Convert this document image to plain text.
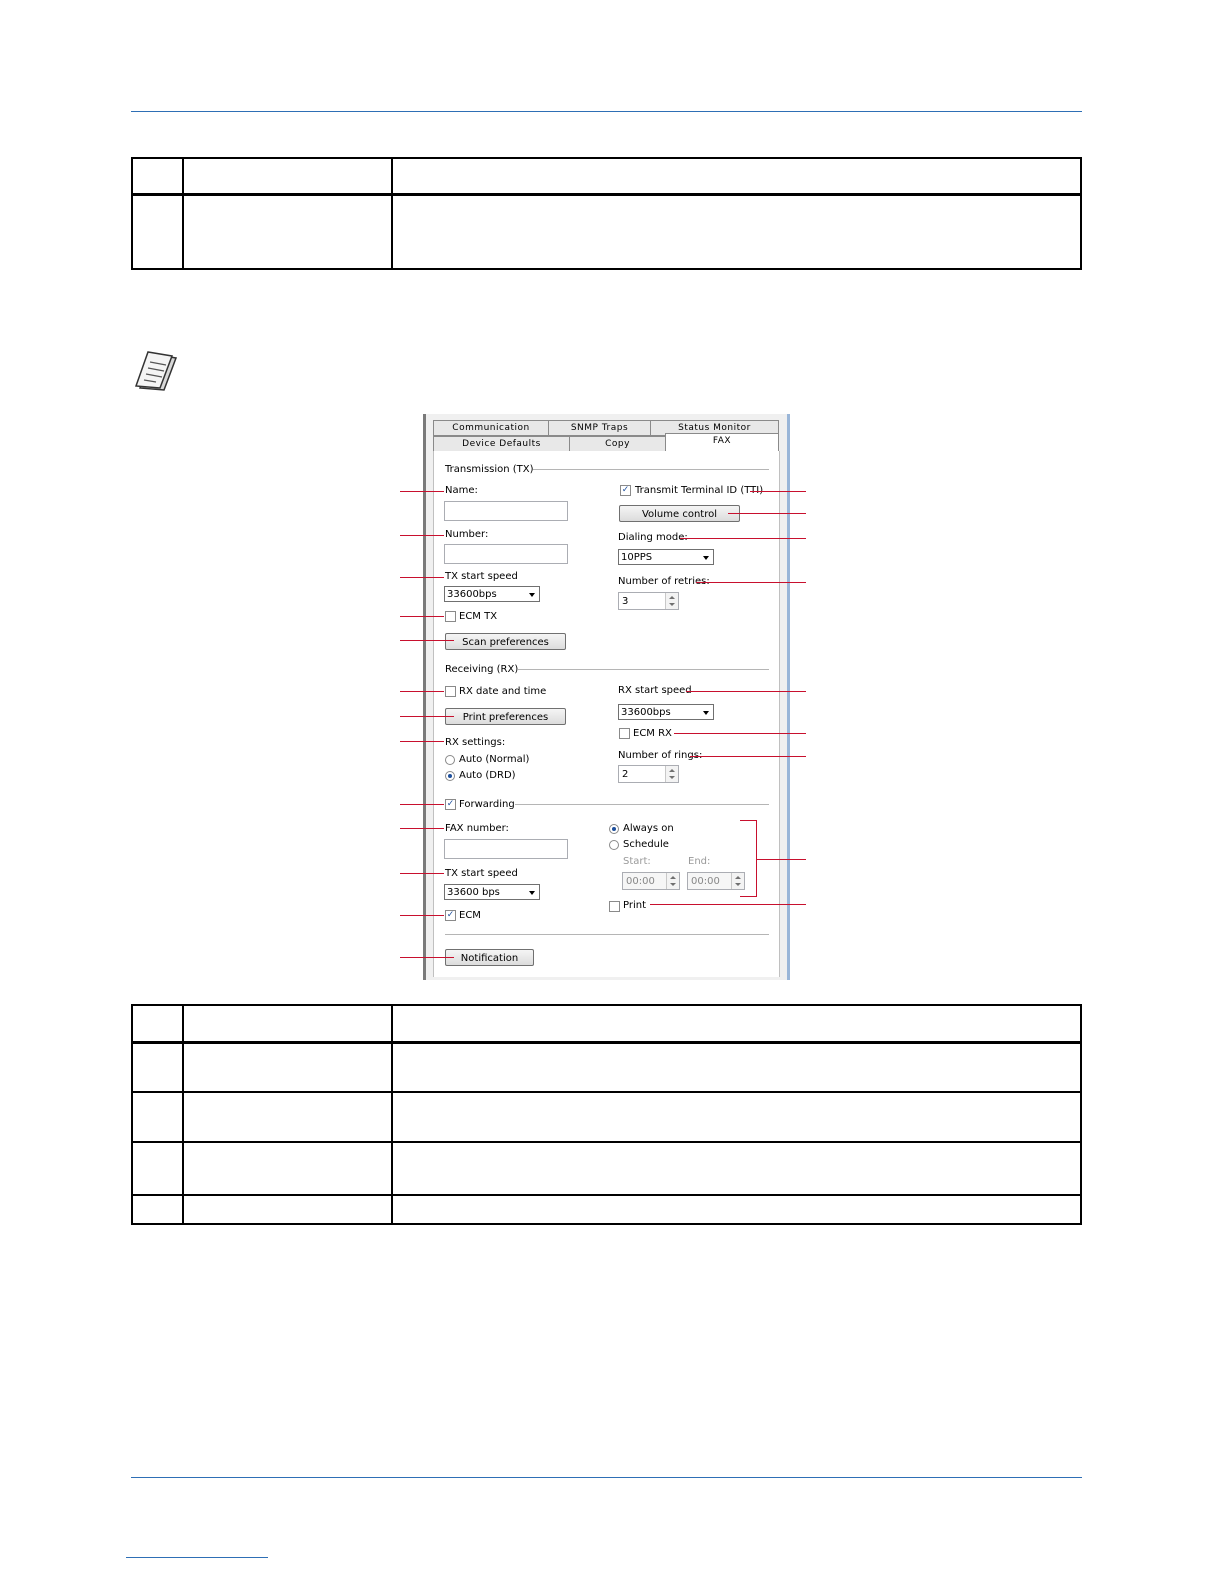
Communication	SNMP Traps	Status Monitor
Device Defaults	Copy	FAX
Transmission (TX)
Name:
Number:
TX start speed
33600bps
ECM TX
Scan preferences
✓ Transmit Terminal ID (TTI)
Volume control
Dialing mode:
10PPS
Number of retries:
3
Receiving (RX)
RX date and time
Print preferences
RX settings:
Auto (Normal)
Auto (DRD)
RX start speed
33600bps
ECM RX
Number of rings:
2
✓ Forwarding
FAX number:
TX start speed
33600 bps
✓ ECM
Always on
Schedule
Start:	End:
00:00	00:00
Print
Notification
